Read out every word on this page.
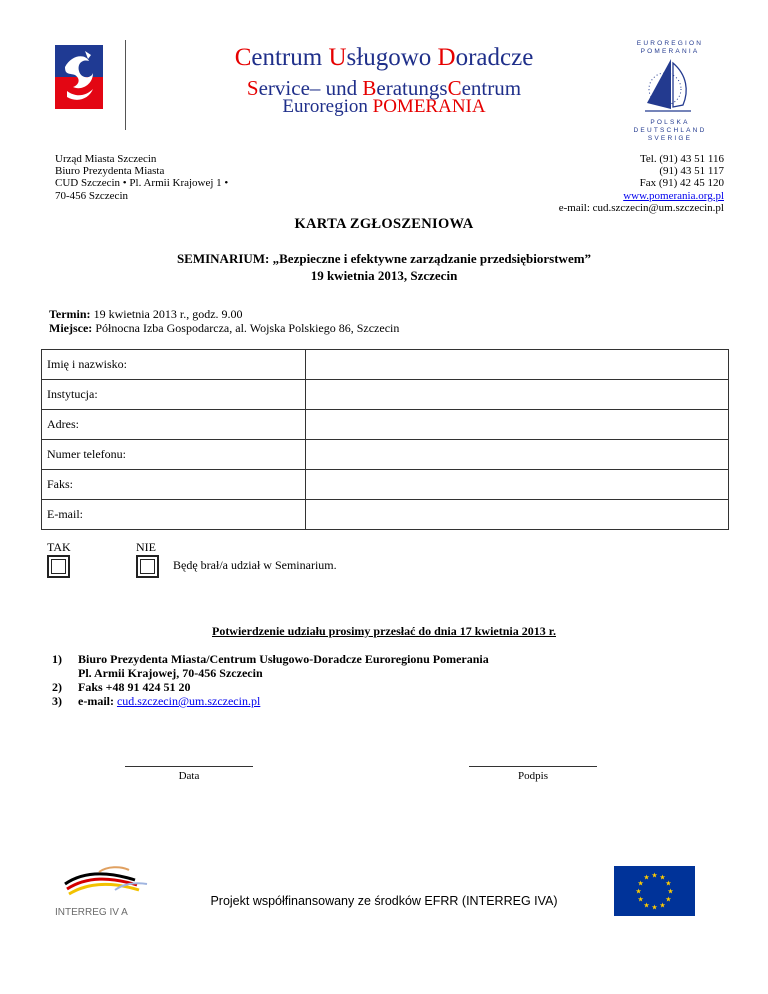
Centrum Usługowo Doradcze
Service– und BeratungsCentrum
Euroregion POMERANIA
EUROREGION
POMERANIA
POLSKA
DEUTSCHLAND
SVERIGE
Urząd Miasta Szczecin
Biuro Prezydenta Miasta
CUD Szczecin • Pl. Armii Krajowej 1 •
70-456 Szczecin
Tel. (91) 43 51 116
(91) 43 51 117
Fax (91) 42 45 120
www.pomerania.org.pl
e-mail: cud.szczecin@um.szczecin.pl
KARTA ZGŁOSZENIOWA
SEMINARIUM: „Bezpieczne i efektywne zarządzanie przedsiębiorstwem”
19 kwietnia 2013, Szczecin
Termin: 19 kwietnia 2013 r., godz. 9.00
Miejsce: Północna Izba Gospodarcza, al. Wojska Polskiego 86, Szczecin
Imię i nazwisko:	
Instytucja:	
Adres:	
Numer telefonu:	
Faks:	
E-mail:	
TAK	NIE
Będę brał/a udział w Seminarium.
Potwierdzenie udziału prosimy przesłać do dnia 17 kwietnia 2013 r.
1) Biuro Prezydenta Miasta/Centrum Usługowo-Doradcze Euroregionu Pomerania
Pl. Armii Krajowej, 70-456 Szczecin
2) Faks +48 91 424 51 20
3) e-mail: cud.szczecin@um.szczecin.pl
Data	Podpis
INTERREG IV A
Projekt współfinansowany ze środków EFRR (INTERREG IVA)
★ ★
★
★
★
★
★
★
★
★
★
★
